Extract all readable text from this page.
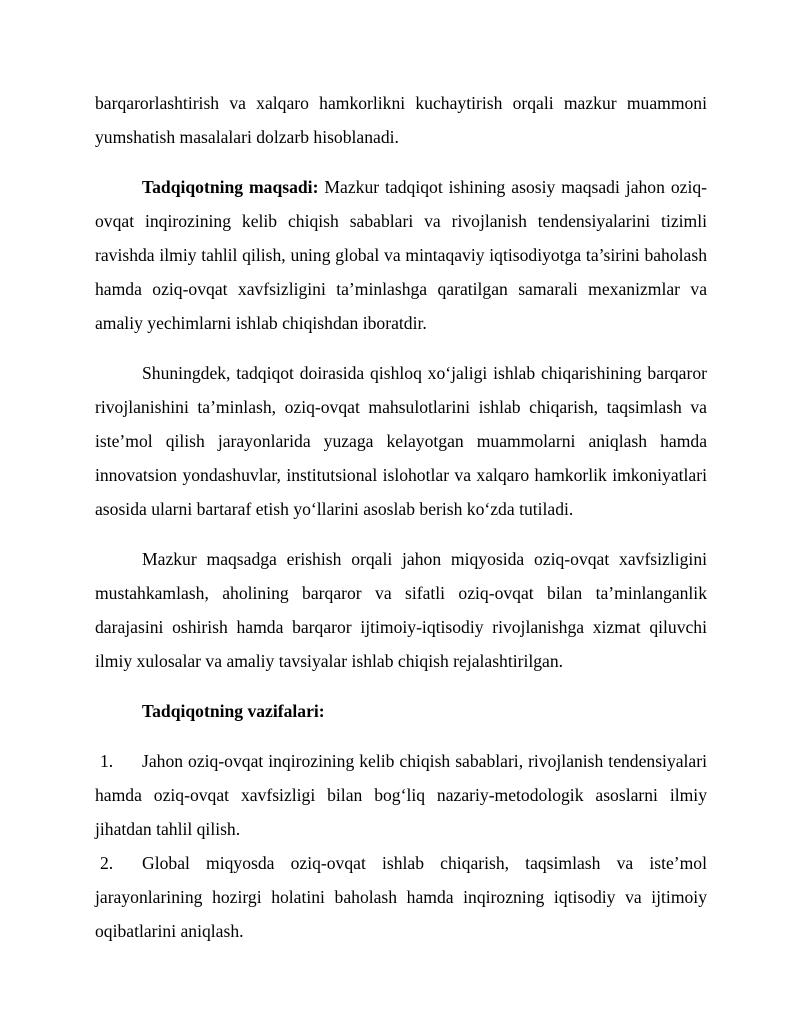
barqarorlashtirish va xalqaro hamkorlikni kuchaytirish orqali mazkur muammoni yumshatish masalalari dolzarb hisoblanadi.

Tadqiqotning maqsadi: Mazkur tadqiqot ishining asosiy maqsadi jahon oziq-ovqat inqirozining kelib chiqish sabablari va rivojlanish tendensiyalarini tizimli ravishda ilmiy tahlil qilish, uning global va mintaqaviy iqtisodiyotga ta’sirini baholash hamda oziq-ovqat xavfsizligini ta’minlashga qaratilgan samarali mexanizmlar va amaliy yechimlarni ishlab chiqishdan iboratdir.

Shuningdek, tadqiqot doirasida qishloq xo‘jaligi ishlab chiqarishining barqaror rivojlanishini ta’minlash, oziq-ovqat mahsulotlarini ishlab chiqarish, taqsimlash va iste’mol qilish jarayonlarida yuzaga kelayotgan muammolarni aniqlash hamda innovatsion yondashuvlar, institutsional islohotlar va xalqaro hamkorlik imkoniyatlari asosida ularni bartaraf etish yo‘llarini asoslab berish ko‘zda tutiladi.

Mazkur maqsadga erishish orqali jahon miqyosida oziq-ovqat xavfsizligini mustahkamlash, aholining barqaror va sifatli oziq-ovqat bilan ta’minlanganlik darajasini oshirish hamda barqaror ijtimoiy-iqtisodiy rivojlanishga xizmat qiluvchi ilmiy xulosalar va amaliy tavsiyalar ishlab chiqish rejalashtirilgan.

Tadqiqotning vazifalari:

1. Jahon oziq-ovqat inqirozining kelib chiqish sabablari, rivojlanish tendensiyalari hamda oziq-ovqat xavfsizligi bilan bog‘liq nazariy-metodologik asoslarni ilmiy jihatdan tahlil qilish.

2. Global miqyosda oziq-ovqat ishlab chiqarish, taqsimlash va iste’mol jarayonlarining hozirgi holatini baholash hamda inqirozning iqtisodiy va ijtimoiy oqibatlarini aniqlash.
